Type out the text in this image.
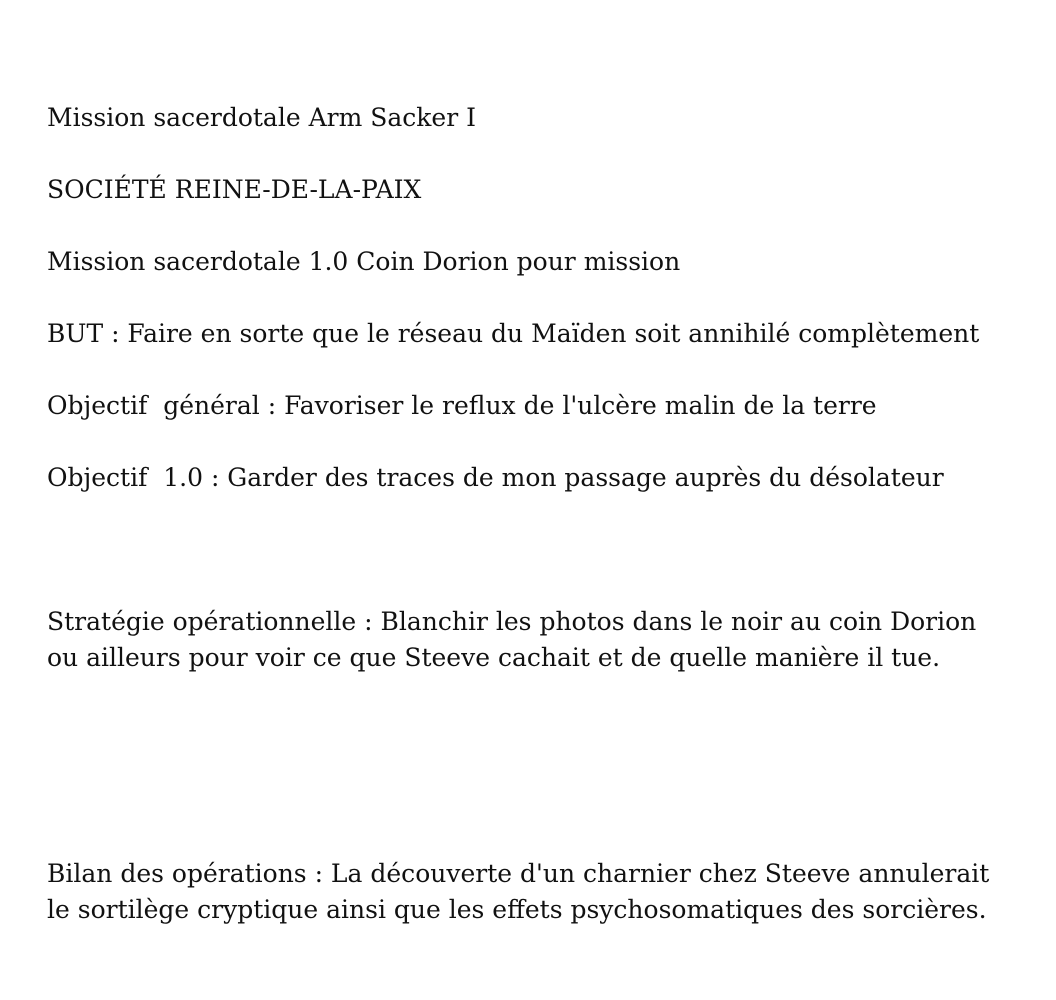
Mission sacerdotale Arm Sacker I

SOCIÉTÉ REINE-DE-LA-PAIX

Mission sacerdotale 1.0 Coin Dorion pour mission

BUT : Faire en sorte que le réseau du Maïden soit annihilé complètement

Objectif  général : Favoriser le reflux de l'ulcère malin de la terre

Objectif  1.0 : Garder des traces de mon passage auprès du désolateur

Stratégie opérationnelle : Blanchir les photos dans le noir au coin Dorion
ou ailleurs pour voir ce que Steeve cachait et de quelle manière il tue.

Bilan des opérations : La découverte d'un charnier chez Steeve annulerait
le sortilège cryptique ainsi que les effets psychosomatiques des sorcières.
